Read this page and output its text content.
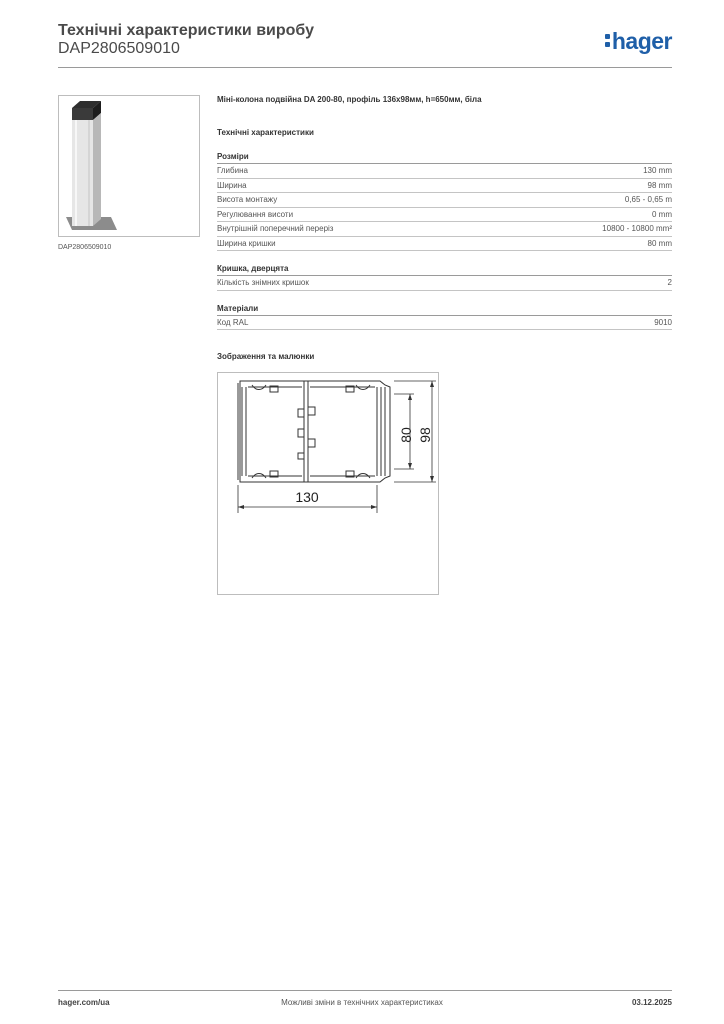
Технічні характеристики виробу
DAP2806509010	hager
DAP2806509010
Міні-колона подвійна DA 200-80, профіль 136х98мм, h=650мм, біла
Технічні характеристики
Розміри
Глибина	130 mm
Ширина	98 mm
Висота монтажу	0,65 - 0,65 m
Регулювання висоти	0 mm
Внутрішній поперечний переріз	10800 - 10800 mm²
Ширина кришки	80 mm
Кришка, дверцята
Кількість знімних кришок	2
Матеріали
Код RAL	9010
Зображення та малюнки
130
80 98
hager.com/ua	Можливі зміни в технічних характеристиках	03.12.2025
